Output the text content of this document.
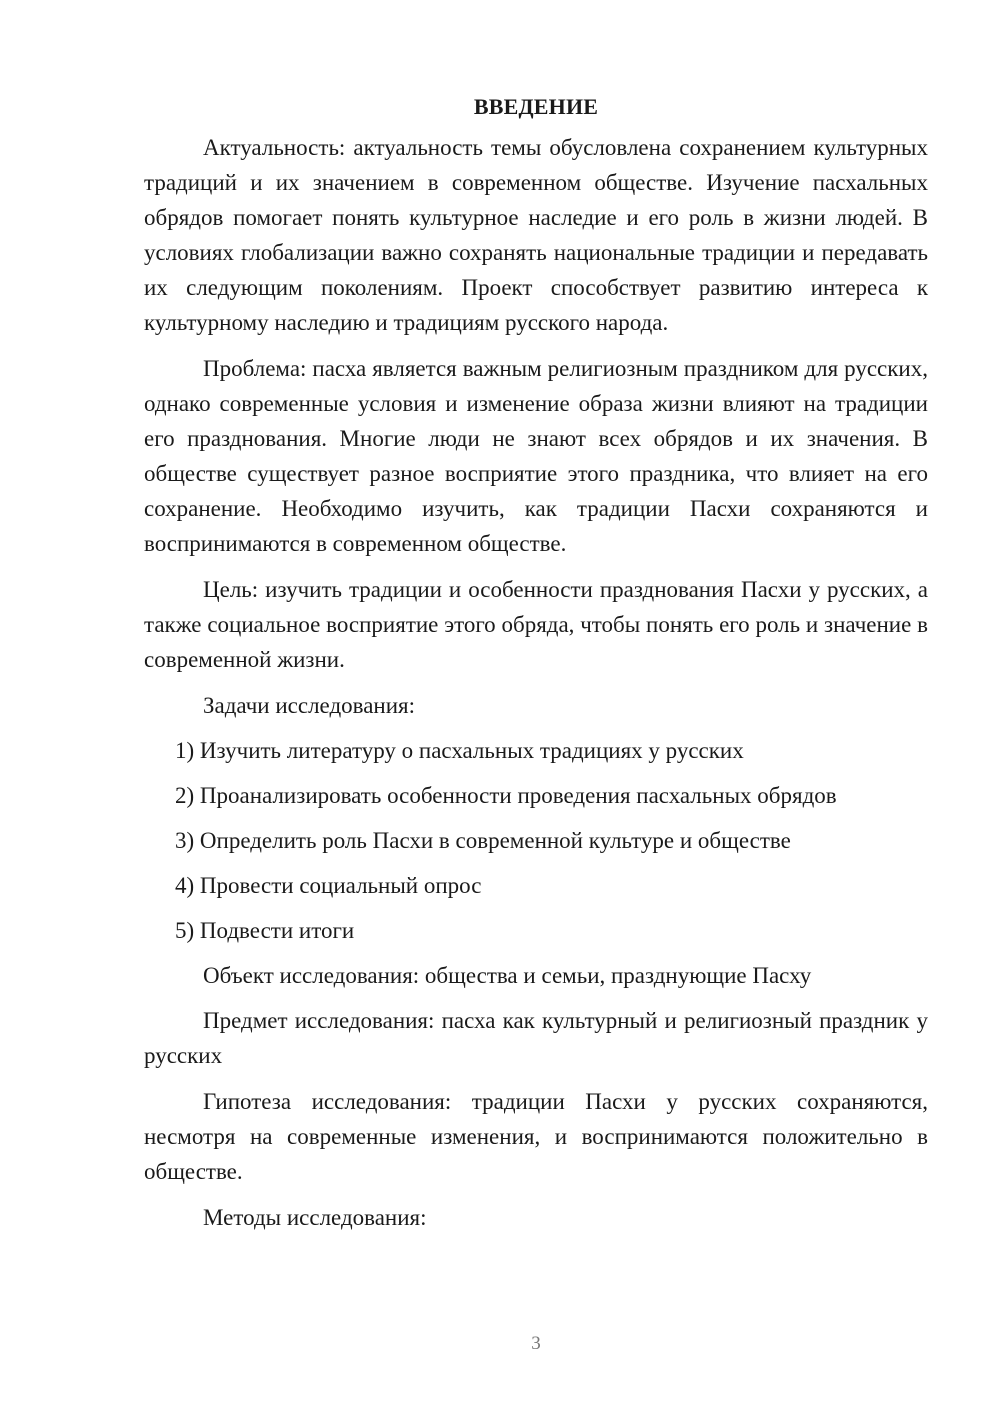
ВВЕДЕНИЕ

Актуальность: актуальность темы обусловлена сохранением культурных традиций и их значением в современном обществе. Изучение пасхальных обрядов помогает понять культурное наследие и его роль в жизни людей. В условиях глобализации важно сохранять национальные традиции и передавать их следующим поколениям. Проект способствует развитию интереса к культурному наследию и традициям русского народа.

Проблема: пасха является важным религиозным праздником для русских, однако современные условия и изменение образа жизни влияют на традиции его празднования. Многие люди не знают всех обрядов и их значения. В обществе существует разное восприятие этого праздника, что влияет на его сохранение. Необходимо изучить, как традиции Пасхи сохраняются и воспринимаются в современном обществе.

Цель: изучить традиции и особенности празднования Пасхи у русских, а также социальное восприятие этого обряда, чтобы понять его роль и значение в современной жизни.

Задачи исследования:

1) Изучить литературу о пасхальных традициях у русских
2) Проанализировать особенности проведения пасхальных обрядов
3) Определить роль Пасхи в современной культуре и обществе
4) Провести социальный опрос
5) Подвести итоги

Объект исследования: общества и семьи, празднующие Пасху

Предмет исследования: пасха как культурный и религиозный праздник у русских

Гипотеза исследования: традиции Пасхи у русских сохраняются, несмотря на современные изменения, и воспринимаются положительно в обществе.

Методы исследования:

3
